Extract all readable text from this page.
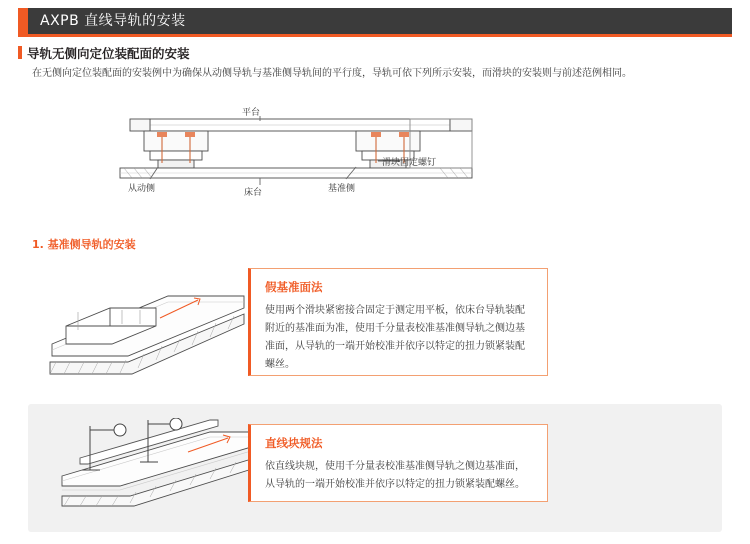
AXPB 直线导轨的安装
导轨无侧向定位装配面的安装
在无侧向定位装配面的安装例中为确保从动侧导轨与基准侧导轨间的平行度，导轨可依下列所示安装，而滑块的安装则与前述范例相同。
平台
滑块固定螺钉
从动侧	床台	基准侧
1. 基准侧导轨的安装
假基准面法
使用两个滑块紧密接合固定于测定用平板，依床台导轨装配附近的基准面为准，使用千分量表校准基准侧导轨之侧边基准面，从导轨的一端开始校准并依序以特定的扭力锁紧装配螺丝。
直线块规法
依直线块规，使用千分量表校准基准侧导轨之侧边基准面，从导轨的一端开始校准并依序以特定的扭力锁紧装配螺丝。
